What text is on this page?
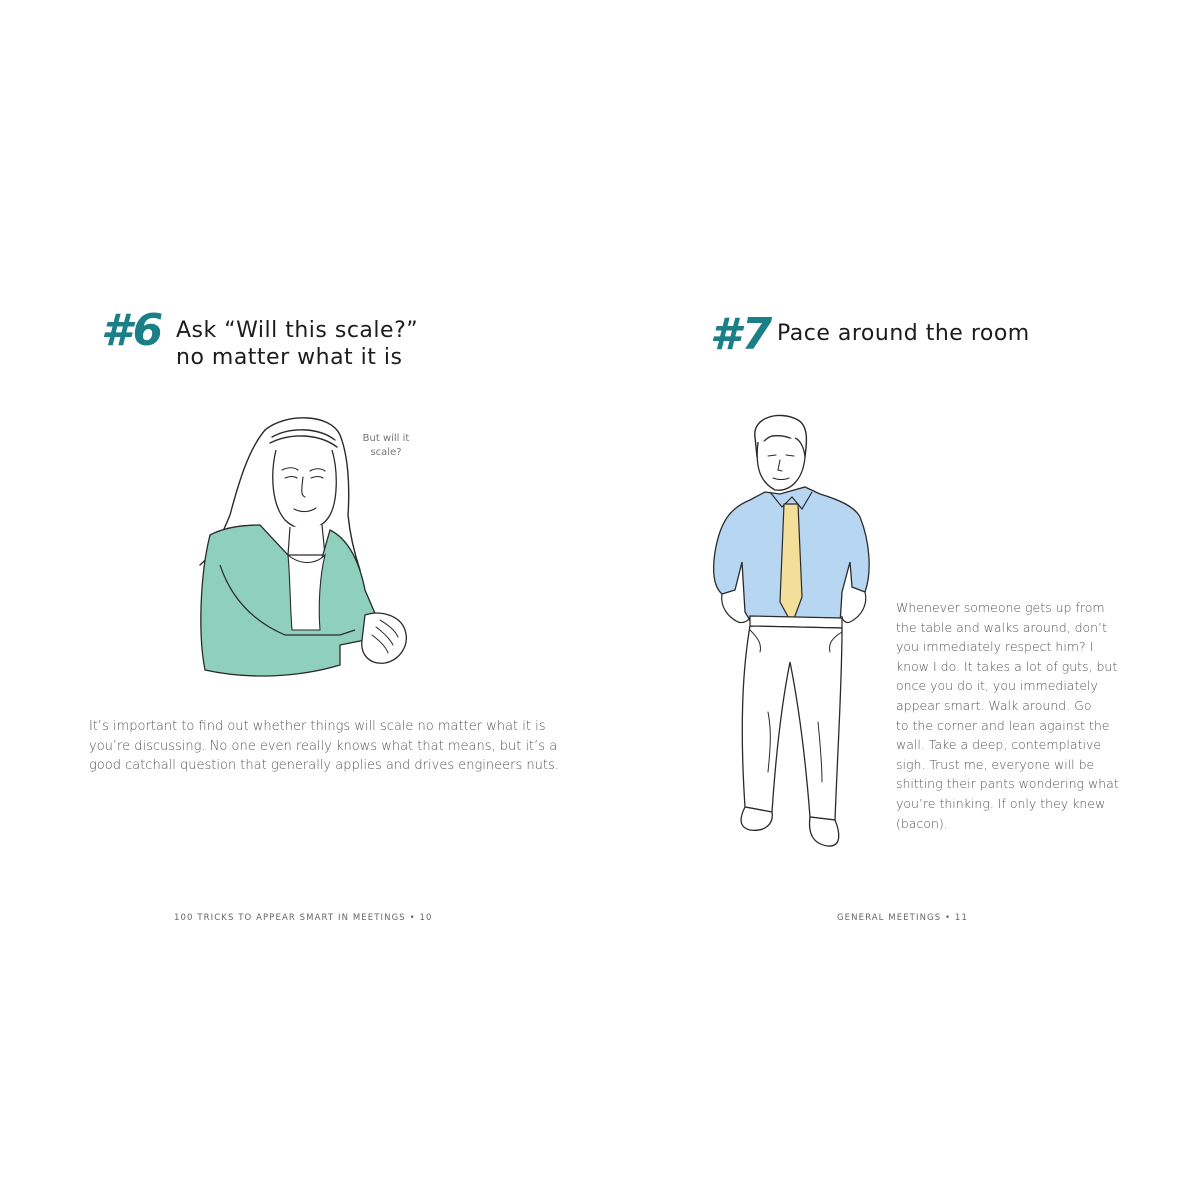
#6 Ask “Will this scale?”
no matter what it is
But will it
scale?
It’s important to find out whether things will scale no matter what it is
you’re discussing. No one even really knows what that means, but it’s a
good catchall question that generally applies and drives engineers nuts.
100 TRICKS TO APPEAR SMART IN MEETINGS • 10
#7 Pace around the room
Whenever someone gets up from
the table and walks around, don’t
you immediately respect him? I
know I do. It takes a lot of guts, but
once you do it, you immediately
appear smart. Walk around. Go
to the corner and lean against the
wall. Take a deep, contemplative
sigh. Trust me, everyone will be
shitting their pants wondering what
you’re thinking. If only they knew
(bacon).
GENERAL MEETINGS • 11
